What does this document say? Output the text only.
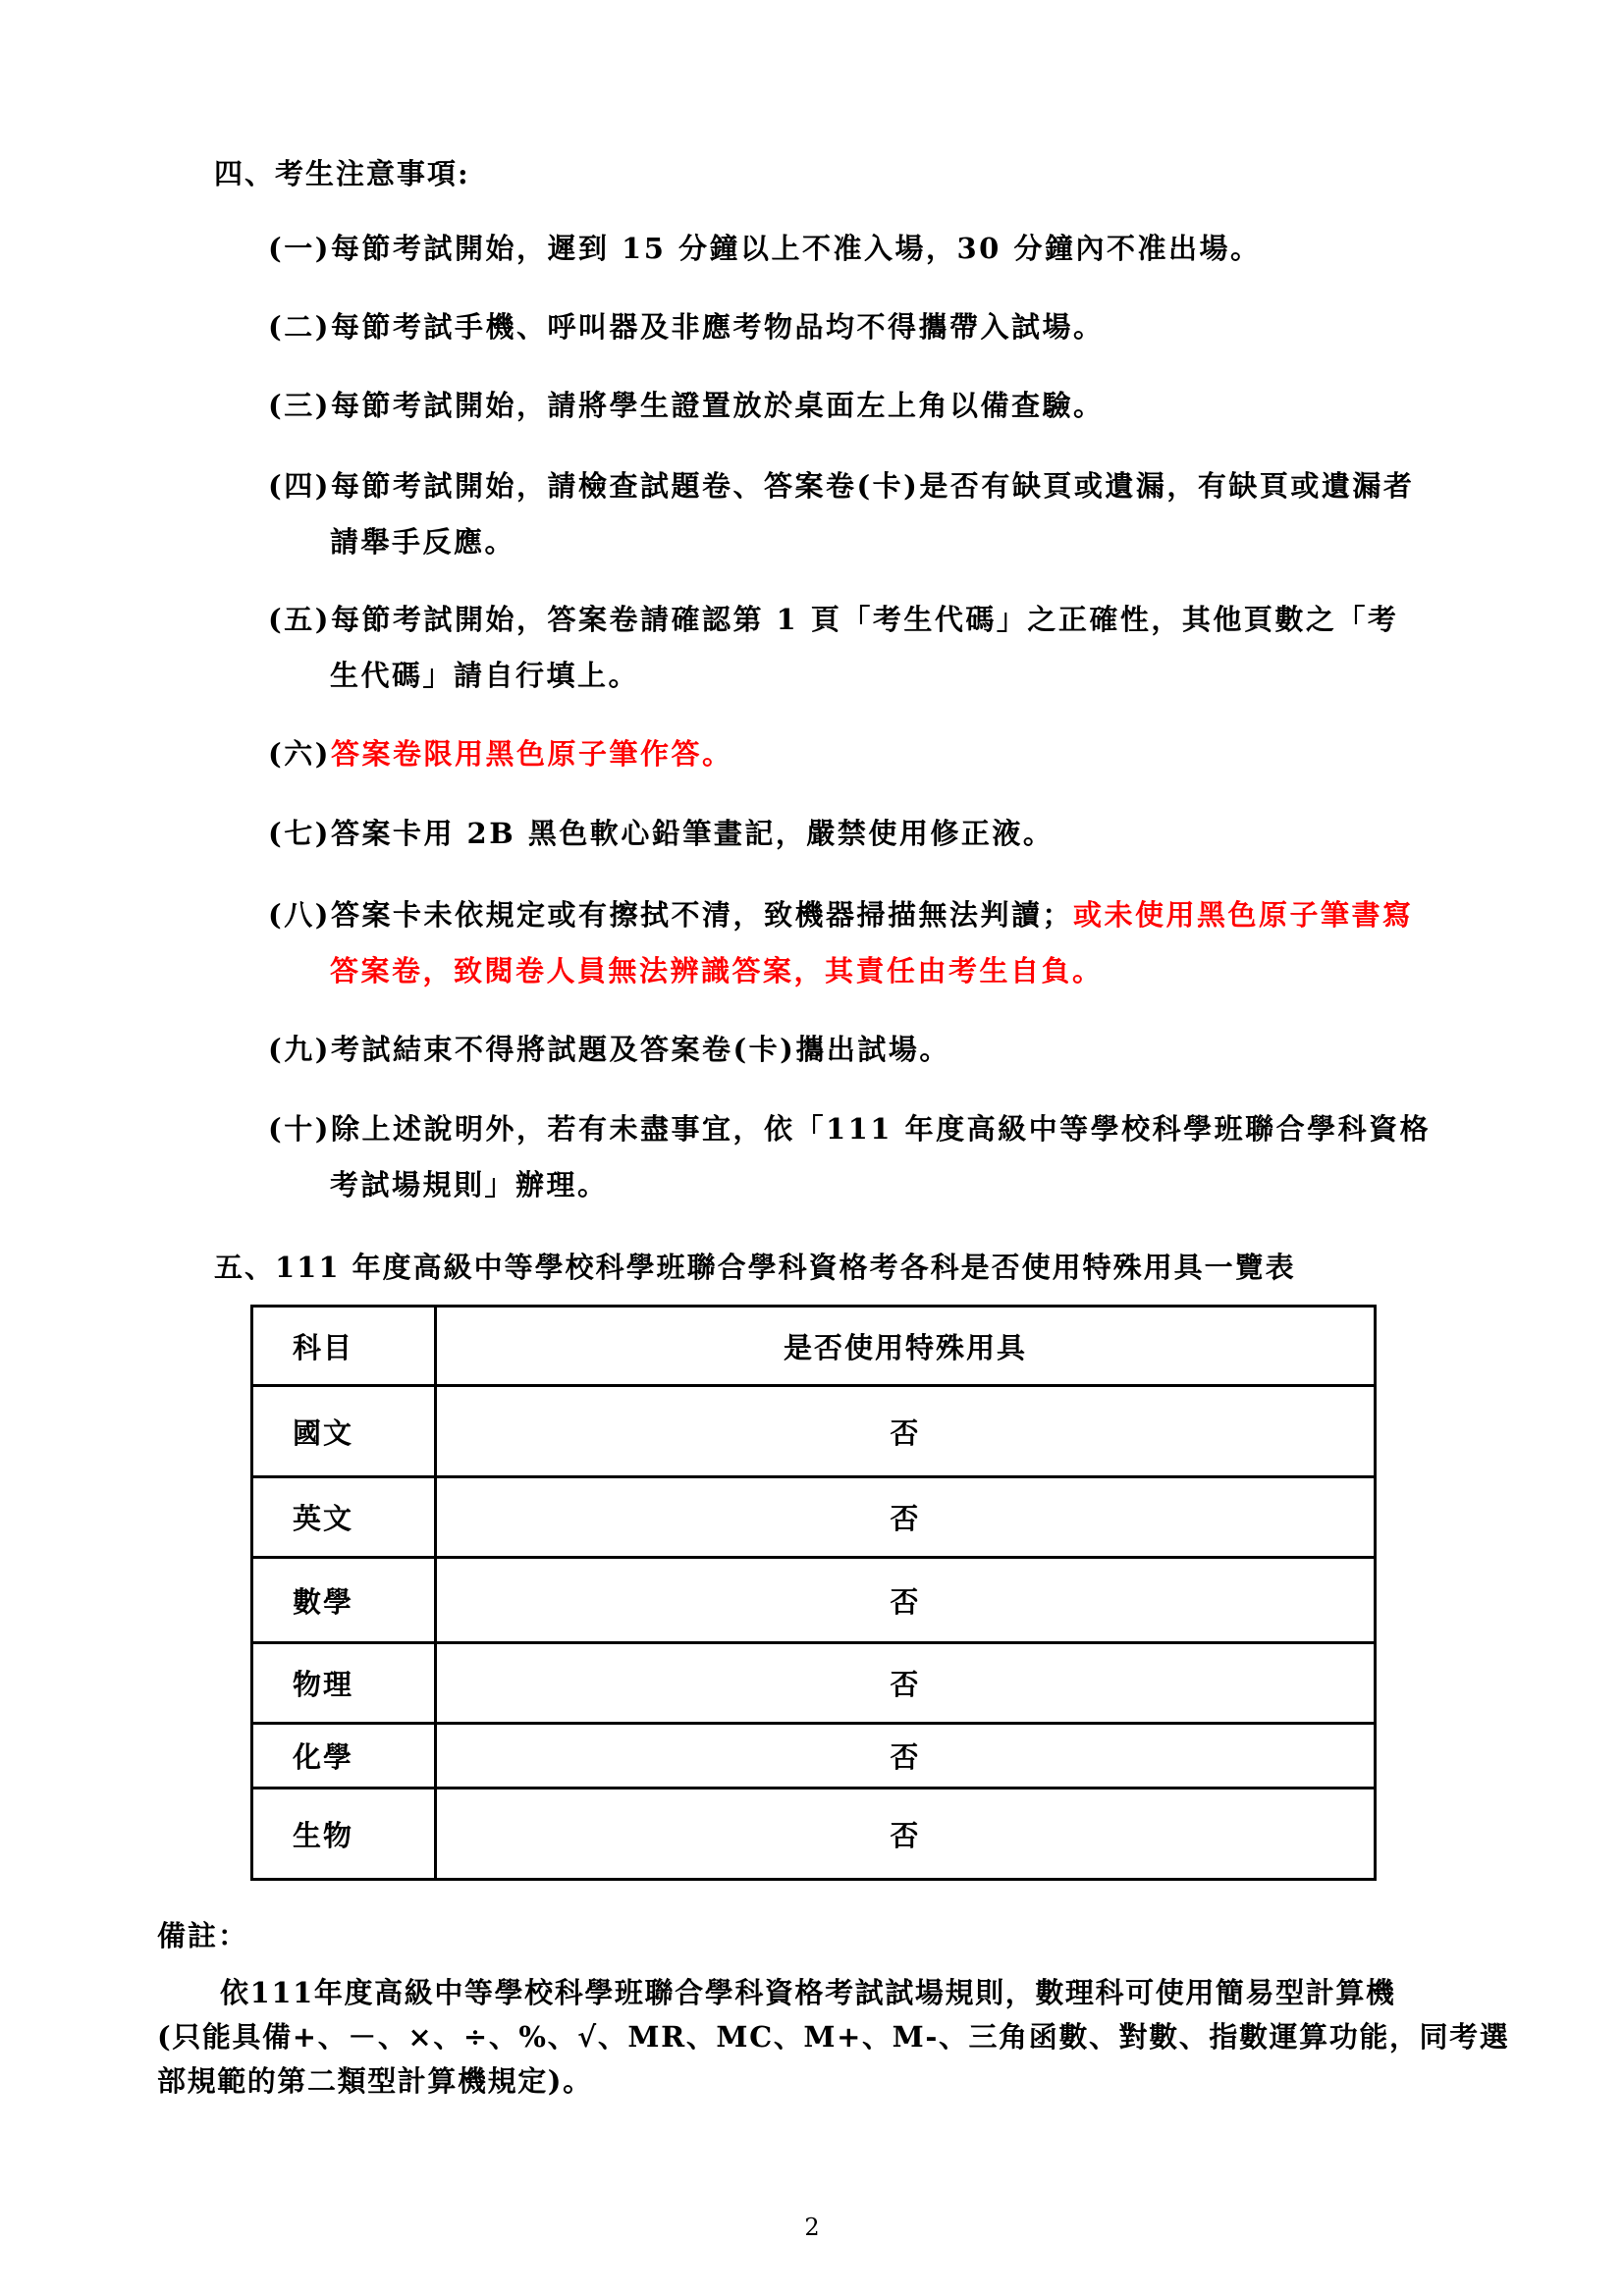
四、考生注意事項:
(一)每節考試開始，遲到 15 分鐘以上不准入場，30 分鐘內不准出場。
(二)每節考試手機、呼叫器及非應考物品均不得攜帶入試場。
(三)每節考試開始，請將學生證置放於桌面左上角以備查驗。
(四)每節考試開始，請檢查試題卷、答案卷(卡)是否有缺頁或遺漏，有缺頁或遺漏者
請舉手反應。
(五)每節考試開始，答案卷請確認第 1 頁「考生代碼」之正確性，其他頁數之「考
生代碼」請自行填上。
(六)答案卷限用黑色原子筆作答。
(七)答案卡用 2B 黑色軟心鉛筆畫記，嚴禁使用修正液。
(八)答案卡未依規定或有擦拭不清，致機器掃描無法判讀；或未使用黑色原子筆書寫
答案卷，致閱卷人員無法辨識答案，其責任由考生自負。
(九)考試結束不得將試題及答案卷(卡)攜出試場。
(十)除上述說明外，若有未盡事宜，依「111 年度高級中等學校科學班聯合學科資格
考試場規則」辦理。
五、111 年度高級中等學校科學班聯合學科資格考各科是否使用特殊用具一覽表
科目	是否使用特殊用具
國文	否
英文	否
數學	否
物理	否
化學	否
生物	否
備註：
依111年度高級中等學校科學班聯合學科資格考試試場規則，數理科可使用簡易型計算機
(只能具備+、－、×、÷、%、√、MR、MC、M+、M-、三角函數、對數、指數運算功能，同考選
部規範的第二類型計算機規定)。
2
